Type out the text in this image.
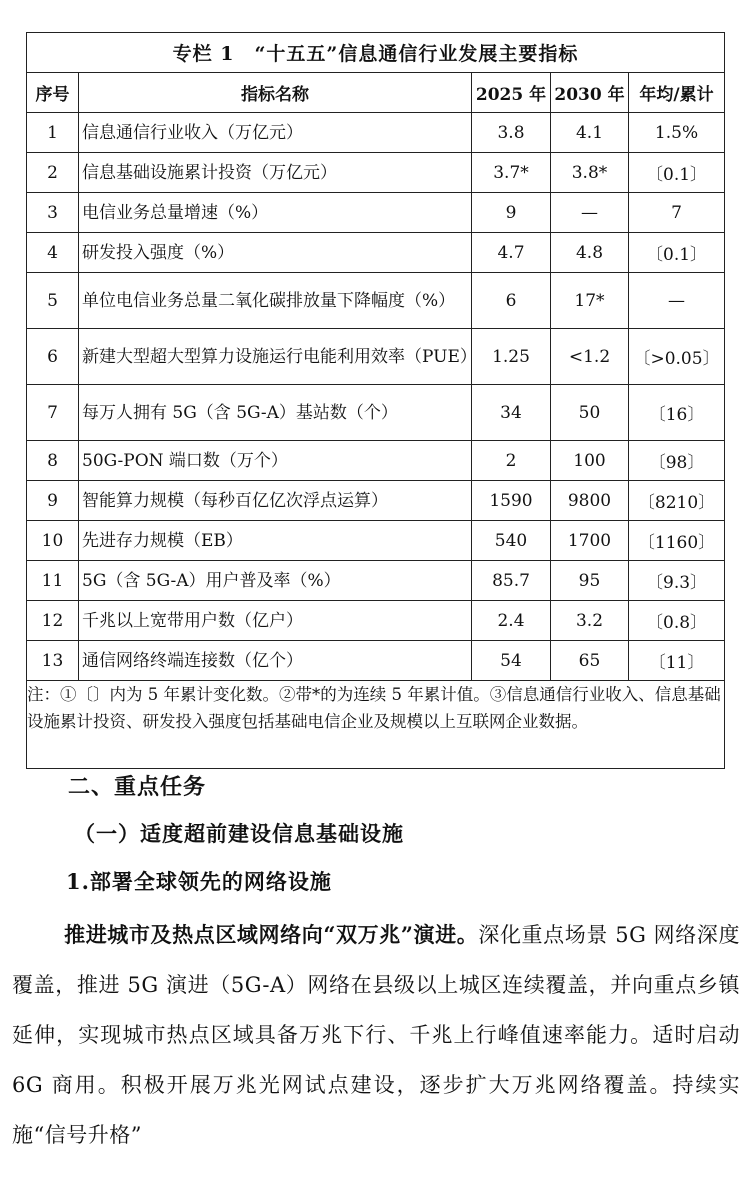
专栏 1　“十五五”信息通信行业发展主要指标				
序号	指标名称	2025 年	2030 年	年均/累计
1	信息通信行业收入（万亿元）	3.8	4.1	1.5%
2	信息基础设施累计投资（万亿元）	3.7*	3.8*	〔0.1〕
3	电信业务总量增速（%）	9	—	7
4	研发投入强度（%）	4.7	4.8	〔0.1〕
5	单位电信业务总量二氧化碳排放量下降幅度（%）	6	17*	—
6	新建大型超大型算力设施运行电能利用效率（PUE）	1.25	<1.2	〔>0.05〕
7	每万人拥有 5G（含 5G-A）基站数（个）	34	50	〔16〕
8	50G-PON 端口数（万个）	2	100	〔98〕
9	智能算力规模（每秒百亿亿次浮点运算）	1590	9800	〔8210〕
10	先进存力规模（EB）	540	1700	〔1160〕
11	5G（含 5G-A）用户普及率（%）	85.7	95	〔9.3〕
12	千兆以上宽带用户数（亿户）	2.4	3.2	〔0.8〕
13	通信网络终端连接数（亿个）	54	65	〔11〕
注：①〔〕内为 5 年累计变化数。②带*的为连续 5 年累计值。③信息通信行业收入、信息基础设施累计投资、研发投入强度包括基础电信企业及规模以上互联网企业数据。				
二、重点任务
（一）适度超前建设信息基础设施
1.部署全球领先的网络设施

推进城市及热点区域网络向“双万兆”演进。深化重点场景 5G 网络深度覆盖，推进 5G 演进（5G-A）网络在县级以上城区连续覆盖，并向重点乡镇延伸，实现城市热点区域具备万兆下行、千兆上行峰值速率能力。适时启动 6G 商用。积极开展万兆光网试点建设，逐步扩大万兆网络覆盖。持续实施“信号升格”
